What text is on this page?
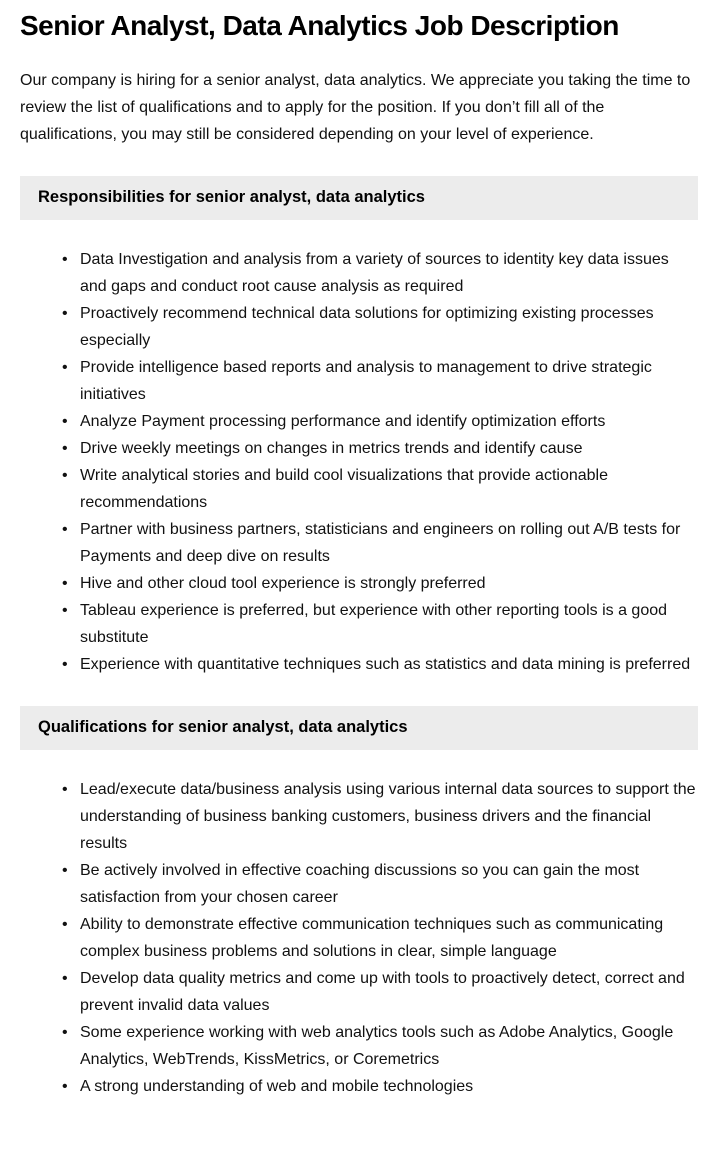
Senior Analyst, Data Analytics Job Description

Our company is hiring for a senior analyst, data analytics. We appreciate you taking the time to review the list of qualifications and to apply for the position. If you don’t fill all of the qualifications, you may still be considered depending on your level of experience.

Responsibilities for senior analyst, data analytics
• Data Investigation and analysis from a variety of sources to identity key data issues and gaps and conduct root cause analysis as required
• Proactively recommend technical data solutions for optimizing existing processes especially
• Provide intelligence based reports and analysis to management to drive strategic initiatives
• Analyze Payment processing performance and identify optimization efforts
• Drive weekly meetings on changes in metrics trends and identify cause
• Write analytical stories and build cool visualizations that provide actionable recommendations
• Partner with business partners, statisticians and engineers on rolling out A/B tests for Payments and deep dive on results
• Hive and other cloud tool experience is strongly preferred
• Tableau experience is preferred, but experience with other reporting tools is a good substitute
• Experience with quantitative techniques such as statistics and data mining is preferred
Qualifications for senior analyst, data analytics
• Lead/execute data/business analysis using various internal data sources to support the understanding of business banking customers, business drivers and the financial results
• Be actively involved in effective coaching discussions so you can gain the most satisfaction from your chosen career
• Ability to demonstrate effective communication techniques such as communicating complex business problems and solutions in clear, simple language
• Develop data quality metrics and come up with tools to proactively detect, correct and prevent invalid data values
• Some experience working with web analytics tools such as Adobe Analytics, Google Analytics, WebTrends, KissMetrics, or Coremetrics
• A strong understanding of web and mobile technologies
